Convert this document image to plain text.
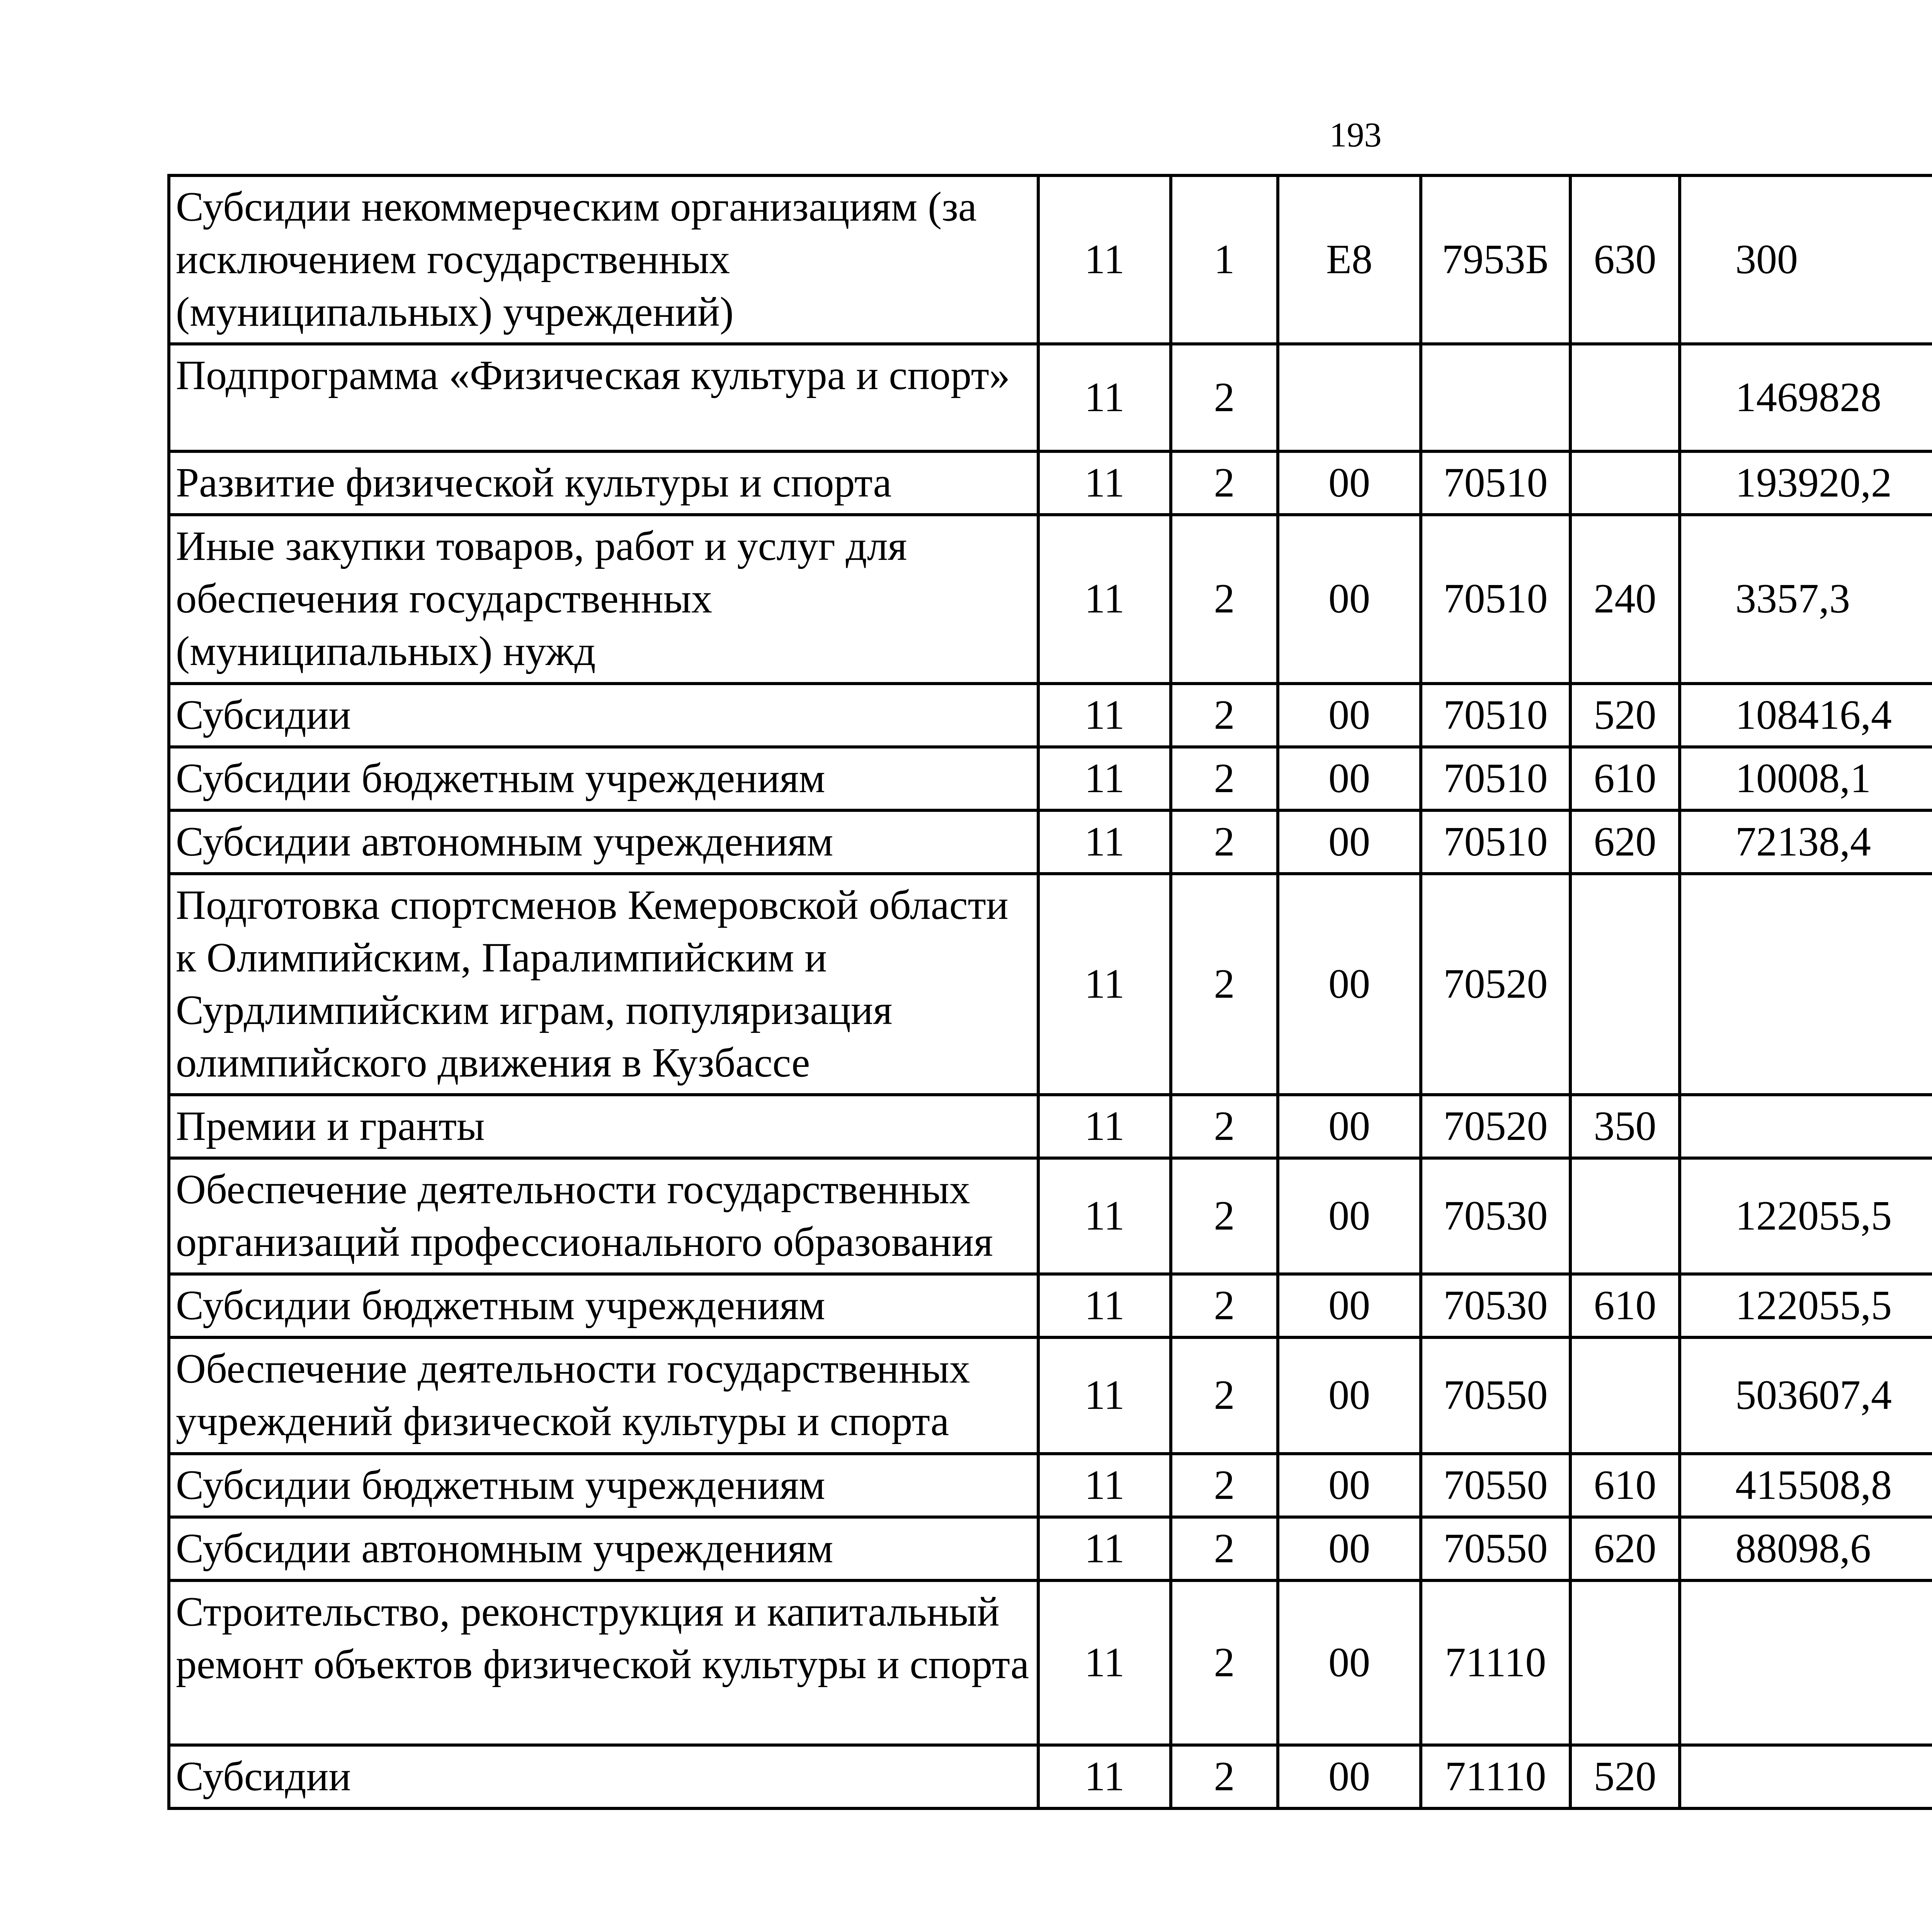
193
Субсидии некоммерческим организациям (за исключением государственных (муниципальных) учреждений)	11	1	Е8	7953Б	630	300		
Подпрограмма «Физическая культура и спорт»	11	2				1469828		
Развитие физической культуры и спорта	11	2	00	70510		193920,2		
Иные закупки товаров, работ и услуг для обеспечения государственных (муниципальных) нужд	11	2	00	70510	240	3357,3		
Субсидии	11	2	00	70510	520	108416,4		
Субсидии бюджетным учреждениям	11	2	00	70510	610	10008,1		
Субсидии автономным учреждениям	11	2	00	70510	620	72138,4		
Подготовка спортсменов Кемеровской области к Олимпийским, Паралимпийским и Сурдлимпийским играм, популяризация олимпийского движения в Кузбассе	11	2	00	70520				
Премии и гранты	11	2	00	70520	350			
Обеспечение деятельности государственных организаций профессионального образования	11	2	00	70530		122055,5		
Субсидии бюджетным учреждениям	11	2	00	70530	610	122055,5		
Обеспечение деятельности государственных учреждений физической культуры и спорта	11	2	00	70550		503607,4		
Субсидии бюджетным учреждениям	11	2	00	70550	610	415508,8		
Субсидии автономным учреждениям	11	2	00	70550	620	88098,6		
Строительство, реконструкция и капитальный ремонт объектов физической культуры и спорта	11	2	00	71110				
Субсидии	11	2	00	71110	520			
